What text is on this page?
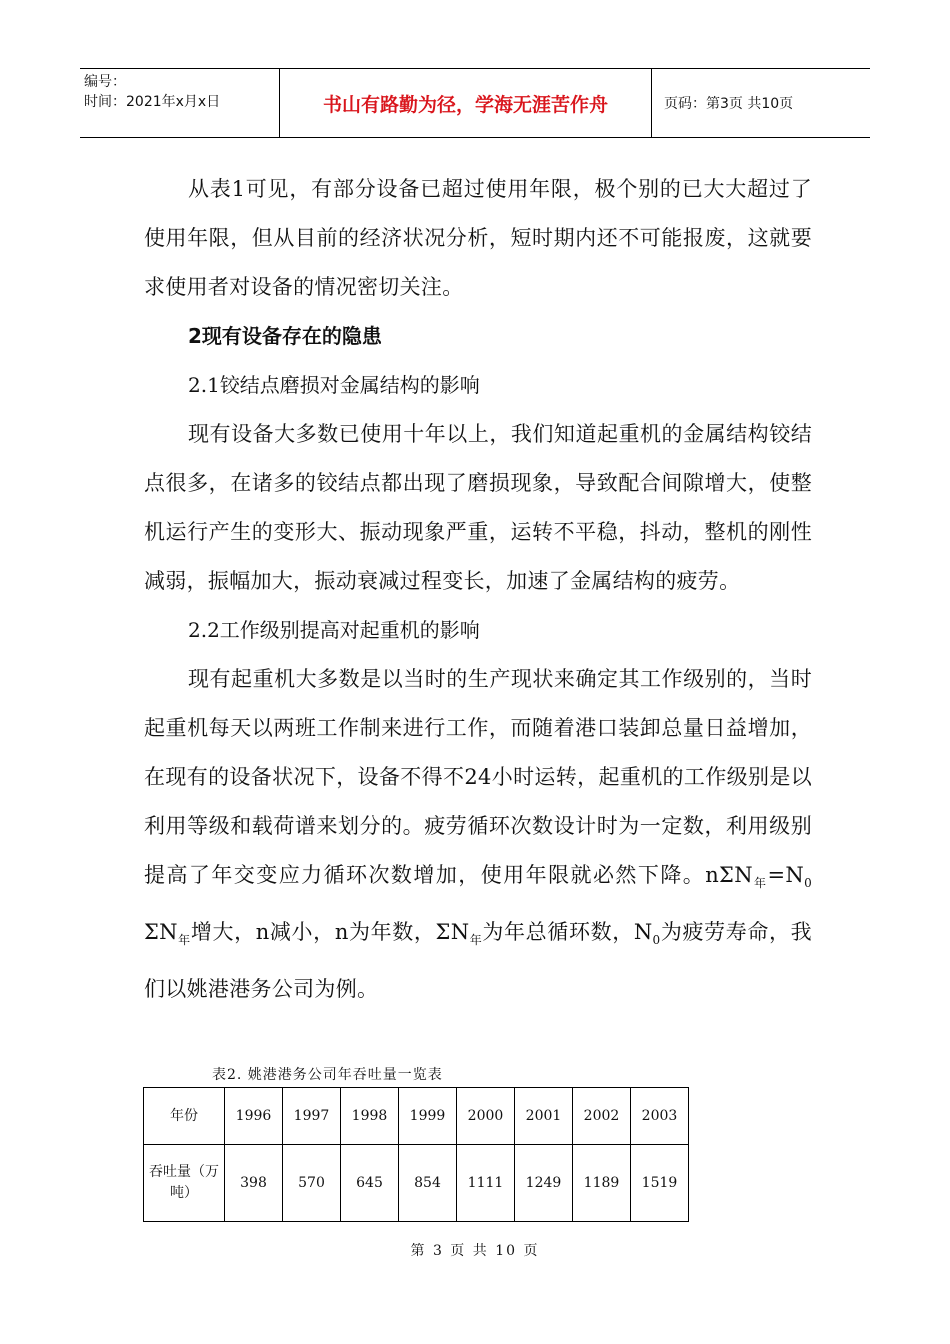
编号：
时间：2021年x月x日	书山有路勤为径，学海无涯苦作舟	页码：第3页 共10页

从表1可见，有部分设备已超过使用年限，极个别的已大大超过了使用年限，但从目前的经济状况分析，短时期内还不可能报废，这就要求使用者对设备的情况密切关注。

2现有设备存在的隐患

2.1铰结点磨损对金属结构的影响

现有设备大多数已使用十年以上，我们知道起重机的金属结构铰结点很多，在诸多的铰结点都出现了磨损现象，导致配合间隙增大，使整机运行产生的变形大、振动现象严重，运转不平稳，抖动，整机的刚性减弱，振幅加大，振动衰减过程变长，加速了金属结构的疲劳。

2.2工作级别提高对起重机的影响

现有起重机大多数是以当时的生产现状来确定其工作级别的，当时起重机每天以两班工作制来进行工作，而随着港口装卸总量日益增加，在现有的设备状况下，设备不得不24小时运转，起重机的工作级别是以利用等级和载荷谱来划分的。疲劳循环次数设计时为一定数，利用级别提高了年交变应力循环次数增加，使用年限就必然下降。$n\Sigma N_年=N_0$ $\Sigma N_年$增大，n减小，n为年数，$\Sigma N_年$为年总循环数，$N_0$为疲劳寿命，我们以姚港港务公司为例。

表2. 姚港港务公司年吞吐量一览表
年份	1996	1997	1998	1999	2000	2001	2002	2003
吞吐量（万吨）	398	570	645	854	1111	1249	1189	1519
第 3 页 共 10 页
